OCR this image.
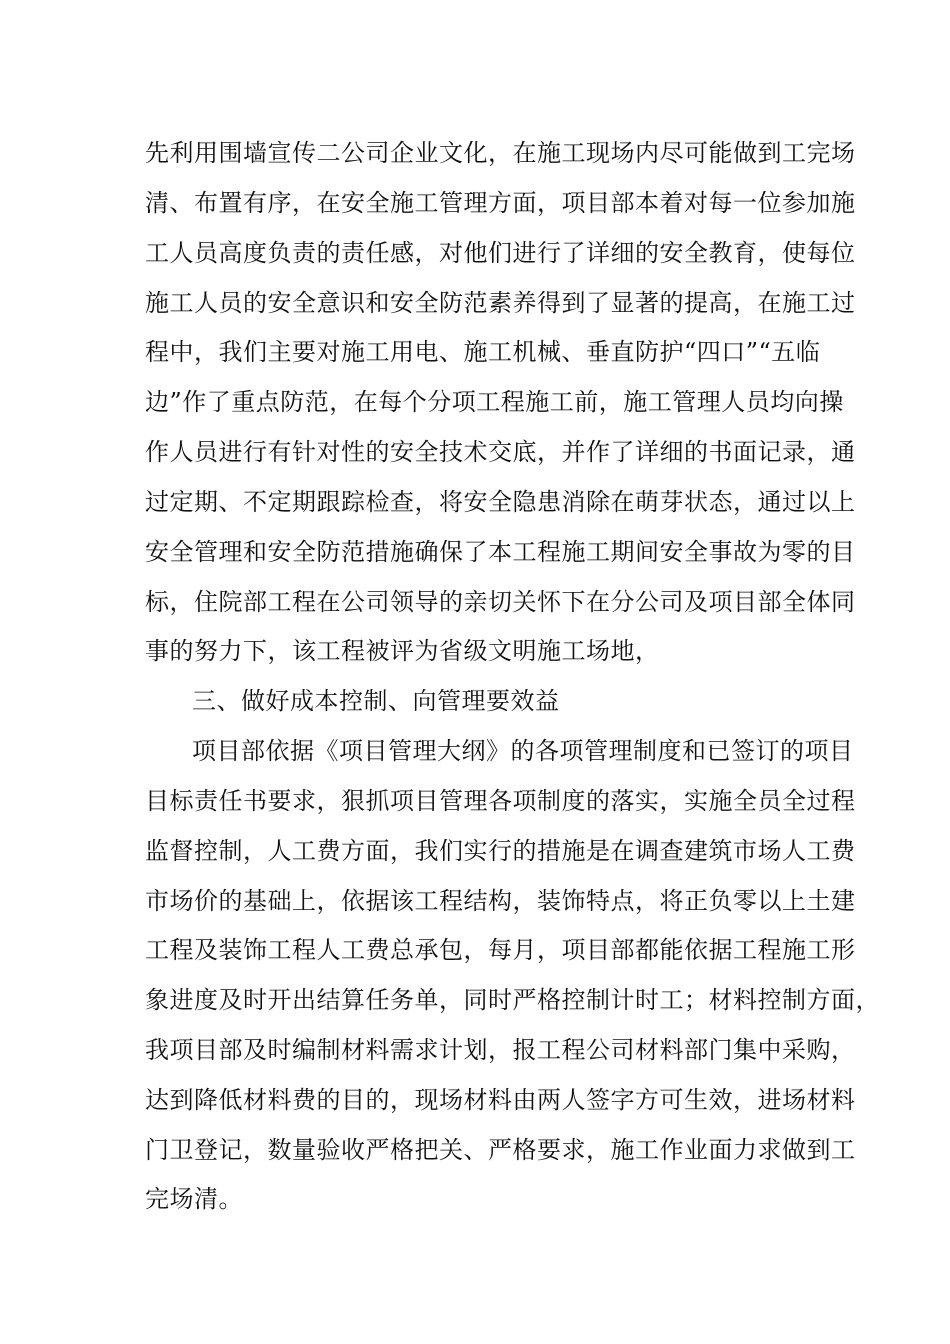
先利用围墙宣传二公司企业文化，在施工现场内尽可能做到工完场
清、布置有序，在安全施工管理方面，项目部本着对每一位参加施
工人员高度负责的责任感，对他们进行了详细的安全教育，使每位
施工人员的安全意识和安全防范素养得到了显著的提高，在施工过
程中，我们主要对施工用电、施工机械、垂直防护“四口”“五临
边”作了重点防范，在每个分项工程施工前，施工管理人员均向操
作人员进行有针对性的安全技术交底，并作了详细的书面记录，通
过定期、不定期跟踪检查，将安全隐患消除在萌芽状态，通过以上
安全管理和安全防范措施确保了本工程施工期间安全事故为零的目
标，住院部工程在公司领导的亲切关怀下在分公司及项目部全体同
事的努力下，该工程被评为省级文明施工场地，
三、做好成本控制、向管理要效益
项目部依据《项目管理大纲》的各项管理制度和已签订的项目
目标责任书要求，狠抓项目管理各项制度的落实，实施全员全过程
监督控制，人工费方面，我们实行的措施是在调查建筑市场人工费
市场价的基础上，依据该工程结构，装饰特点，将正负零以上土建
工程及装饰工程人工费总承包，每月，项目部都能依据工程施工形
象进度及时开出结算任务单，同时严格控制计时工；材料控制方面，
我项目部及时编制材料需求计划，报工程公司材料部门集中采购，
达到降低材料费的目的，现场材料由两人签字方可生效，进场材料
门卫登记，数量验收严格把关、严格要求，施工作业面力求做到工
完场清。
